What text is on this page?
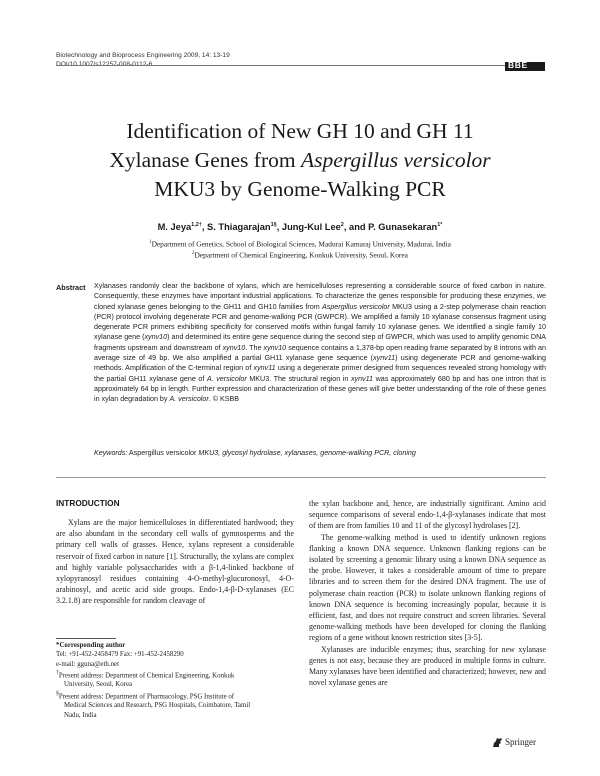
Biotechnology and Bioprocess Engineering 2009, 14: 13-19
DOI/10.1007/s12257-008-0112-6	BBE
Identification of New GH 10 and GH 11
Xylanase Genes from Aspergillus versicolor
MKU3 by Genome-Walking PCR
M. Jeya$^{1,2\dagger}$, S. Thiagarajan$^{1\S}$, Jung-Kul Lee$^2$, and P. Gunasekaran$^{1*}$
$^1$Department of Genetics, School of Biological Sciences, Madurai Kamaraj University, Madurai, India
$^2$Department of Chemical Engineering, Konkuk University, Seoul, Korea
Abstract Xylanases randomly clear the backbone of xylans, which are hemicelluloses representing a considerable source of fixed carbon in nature. Consequently, these enzymes have important industrial applications. To characterize the genes responsible for producing these enzymes, we cloned xylanase genes belonging to the GH11 and GH10 families from Aspergillus versicolor MKU3 using a 2-step polymerase chain reaction (PCR) protocol involving degenerate PCR and genome-walking PCR (GWPCR). We amplified a family 10 xylanase consensus fragment using degenerate PCR primers exhibiting specificity for conserved motifs within fungal family 10 xylanase genes. We identified a single family 10 xylanase gene (xynv10) and determined its entire gene sequence during the second step of GWPCR, which was used to amplify genomic DNA fragments upstream and downstream of xynv10. The xynv10 sequence contains a 1,378-bp open reading frame separated by 8 introns with an average size of 49 bp. We also amplified a partial GH11 xylanase gene sequence (xynv11) using degenerate PCR and genome-walking methods. Amplification of the C-terminal region of xynv11 using a degenerate primer designed from sequences revealed strong homology with the partial GH11 xylanase gene of A. versicolor MKU3. The structural region in xynv11 was approximately 680 bp and has one intron that is approximately 64 bp in length. Further expression and characterization of these genes will give better understanding of the role of these genes in xylan degradation by A. versicolor. © KSBB
Keywords: Aspergillus versicolor MKU3, glycosyl hydrolase, xylanases, genome-walking PCR, cloning
INTRODUCTION

Xylans are the major hemicelluloses in differentiated hardwood; they are also abundant in the secondary cell walls of gymnosperms and the primary cell walls of grasses. Hence, xylans represent a considerable reservoir of fixed carbon in nature [1]. Structurally, the xylans are complex and highly variable polysaccharides with a β-1,4-linked backbone of xylopyranosyl residues containing 4-O-methyl-glucuronosyl, 4-O-arabinosyl, and acetic acid side groups. Endo-1,4-β-D-xylanases (EC 3.2.1.8) are responsible for random cleavage of

the xylan backbone and, hence, are industrially significant. Amino acid sequence comparisons of several endo-1,4-β-xylanases indicate that most of them are from families 10 and 11 of the glycosyl hydrolases [2].

The genome-walking method is used to identify unknown regions flanking a known DNA sequence. Unknown flanking regions can be isolated by screening a genomic library using a known DNA sequence as the probe. However, it takes a considerable amount of time to prepare libraries and to screen them for the desired DNA fragment. The use of polymerase chain reaction (PCR) to isolate unknown flanking regions of known DNA sequence is becoming increasingly popular, because it is efficient, fast, and does not require construct and screen libraries. Several genome-walking methods have been developed for cloning the flanking regions of a gene without known restriction sites [3-5].

Xylanases are inducible enzymes; thus, searching for new xylanase genes is not easy, because they are produced in multiple forms in culture. Many xylanases have been identified and characterized; however, new and novel xylanase genes are

*Corresponding author
Tel: +91-452-2458479 Fax: +91-452-2458290
e-mail: gguna@eth.net
†Present address: Department of Chemical Engineering, Konkuk
University, Seoul, Korea
§Present address: Department of Pharmacology, PSG Institute of
Medical Sciences and Research, PSG Hospitals, Coimbatore, Tamil
Nadu, India
Springer
